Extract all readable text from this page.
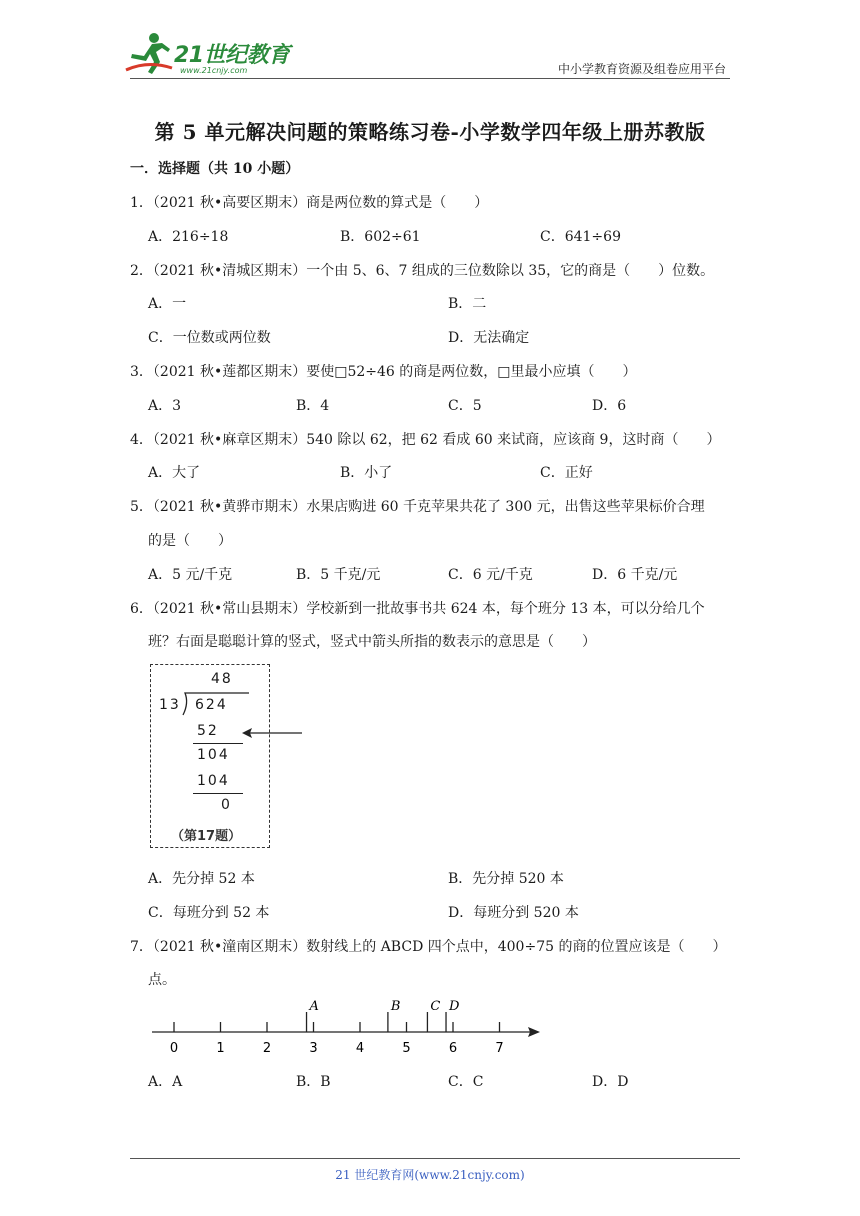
21世纪教育
www.21cnjy.com	中小学教育资源及组卷应用平台
第 5 单元解决问题的策略练习卷-小学数学四年级上册苏教版
一．选择题（共 10 小题）
1．（2021 秋•高要区期末）商是两位数的算式是（　　）
A．216÷18	B．602÷61	C．641÷69
2．（2021 秋•清城区期末）一个由 5、6、7 组成的三位数除以 35，它的商是（　　）位数。
A．一	B．二
C．一位数或两位数	D．无法确定
3．（2021 秋•莲都区期末）要使□52÷46 的商是两位数，□里最小应填（　　）
A．3	B．4	C．5	D．6
4．（2021 秋•麻章区期末）540 除以 62，把 62 看成 60 来试商，应该商 9，这时商（　　）
A．大了	B．小了	C．正好
5．（2021 秋•黄骅市期末）水果店购进 60 千克苹果共花了 300 元，出售这些苹果标价合理
的是（　　）
A．5 元/千克	B．5 千克/元	C．6 元/千克	D．6 千克/元
6．（2021 秋•常山县期末）学校新到一批故事书共 624 本，每个班分 13 本，可以分给几个
班？右面是聪聪计算的竖式，竖式中箭头所指的数表示的意思是（　　）
48
13 624
52
104
104
0
（第17题）
A．先分掉 52 本	B．先分掉 520 本
C．每班分到 52 本	D．每班分到 520 本
7．（2021 秋•潼南区期末）数射线上的 ABCD 四个点中，400÷75 的商的位置应该是（　　）
点。
0	1	2	3	4	5	6	7
A	B C D
A．A	B．B	C．C	D．D
21 世纪教育网(www.21cnjy.com)
